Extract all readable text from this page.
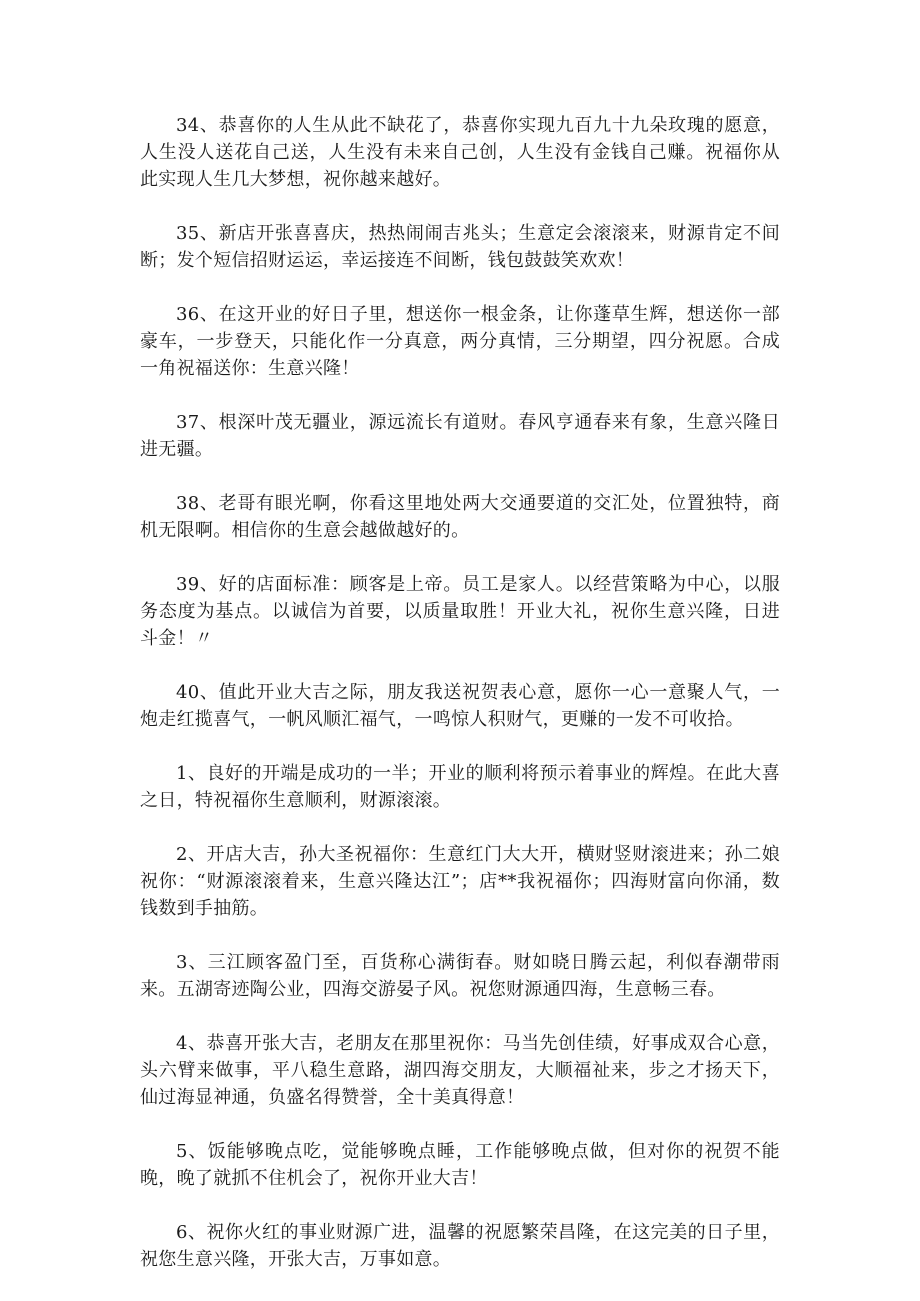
34、恭喜你的人生从此不缺花了，恭喜你实现九百九十九朵玫瑰的愿意，人生没人送花自己送，人生没有未来自己创，人生没有金钱自己赚。祝福你从此实现人生几大梦想，祝你越来越好。

35、新店开张喜喜庆，热热闹闹吉兆头；生意定会滚滚来，财源肯定不间断；发个短信招财运运，幸运接连不间断，钱包鼓鼓笑欢欢！

36、在这开业的好日子里，想送你一根金条，让你蓬草生辉，想送你一部豪车，一步登天，只能化作一分真意，两分真情，三分期望，四分祝愿。合成一角祝福送你：生意兴隆！

37、根深叶茂无疆业，源远流长有道财。春风亨通春来有象，生意兴隆日进无疆。

38、老哥有眼光啊，你看这里地处两大交通要道的交汇处，位置独特，商机无限啊。相信你的生意会越做越好的。

39、好的店面标准：顾客是上帝。员工是家人。以经营策略为中心，以服务态度为基点。以诚信为首要，以质量取胜！开业大礼，祝你生意兴隆，日进斗金！〃

40、值此开业大吉之际，朋友我送祝贺表心意，愿你一心一意聚人气，一炮走红揽喜气，一帆风顺汇福气，一鸣惊人积财气，更赚的一发不可收拾。

1、良好的开端是成功的一半；开业的顺利将预示着事业的辉煌。在此大喜之日，特祝福你生意顺利，财源滚滚。

2、开店大吉，孙大圣祝福你：生意红门大大开，横财竖财滚进来；孙二娘祝你：“财源滚滚着来，生意兴隆达江”；店**我祝福你；四海财富向你涌，数钱数到手抽筋。

3、三江顾客盈门至，百货称心满街春。财如晓日腾云起，利似春潮带雨来。五湖寄迹陶公业，四海交游晏子风。祝您财源通四海，生意畅三春。

4、恭喜开张大吉，老朋友在那里祝你：马当先创佳绩，好事成双合心意，头六臂来做事，平八稳生意路，湖四海交朋友，大顺福祉来，步之才扬天下，仙过海显神通，负盛名得赞誉，全十美真得意！

5、饭能够晚点吃，觉能够晚点睡，工作能够晚点做，但对你的祝贺不能晚，晚了就抓不住机会了，祝你开业大吉！

6、祝你火红的事业财源广进，温馨的祝愿繁荣昌隆，在这完美的日子里，祝您生意兴隆，开张大吉，万事如意。
